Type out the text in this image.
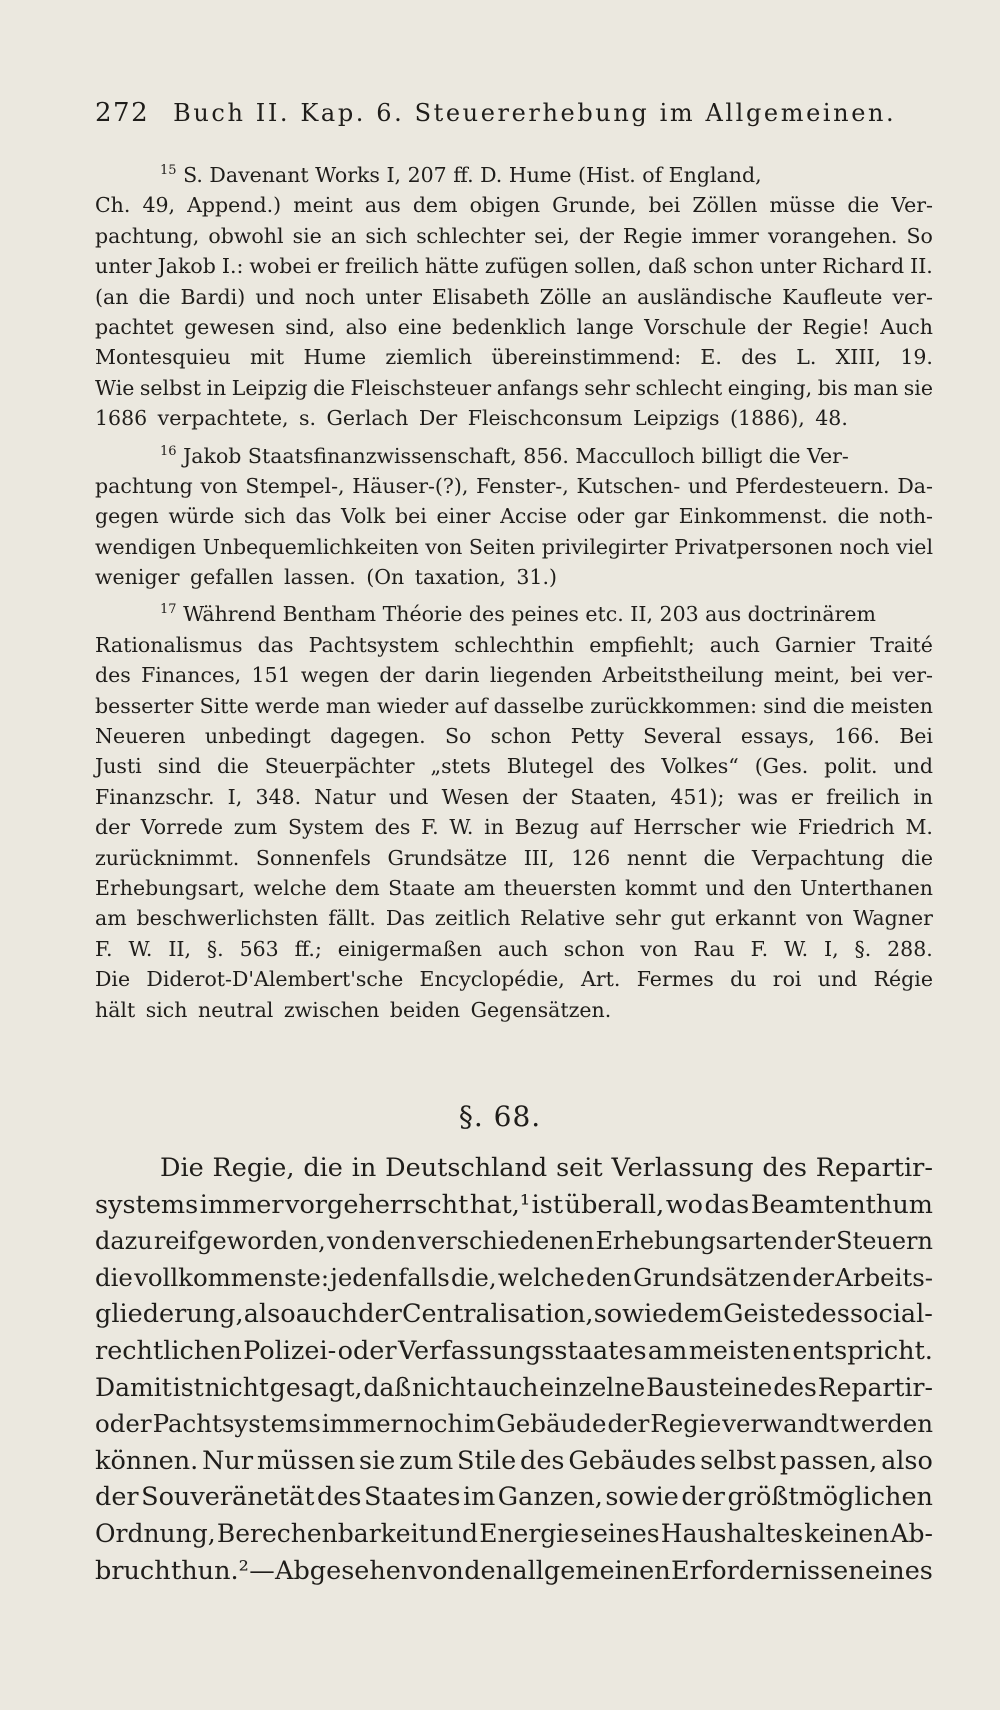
272 Buch II. Kap. 6. Steuererhebung im Allgemeinen.
$^{15}$ S. Davenant Works I, 207 ff. D. Hume (Hist. of England,
Ch. 49, Append.) meint aus dem obigen Grunde, bei Zöllen müsse die Ver-
pachtung, obwohl sie an sich schlechter sei, der Regie immer vorangehen. So
unter Jakob I.: wobei er freilich hätte zufügen sollen, daß schon unter Richard II.
(an die Bardi) und noch unter Elisabeth Zölle an ausländische Kaufleute ver-
pachtet gewesen sind, also eine bedenklich lange Vorschule der Regie! Auch
Montesquieu mit Hume ziemlich übereinstimmend: E. des L. XIII, 19.
Wie selbst in Leipzig die Fleischsteuer anfangs sehr schlecht einging, bis man sie
1686 verpachtete, s. Gerlach Der Fleischconsum Leipzigs (1886), 48.
$^{16}$ Jakob Staatsfinanzwissenschaft, 856. Macculloch billigt die Ver-
pachtung von Stempel-, Häuser-(?), Fenster-, Kutschen- und Pferdesteuern. Da-
gegen würde sich das Volk bei einer Accise oder gar Einkommenst. die noth-
wendigen Unbequemlichkeiten von Seiten privilegirter Privatpersonen noch viel
weniger gefallen lassen. (On taxation, 31.)
$^{17}$ Während Bentham Théorie des peines etc. II, 203 aus doctrinärem
Rationalismus das Pachtsystem schlechthin empfiehlt; auch Garnier Traité
des Finances, 151 wegen der darin liegenden Arbeitstheilung meint, bei ver-
besserter Sitte werde man wieder auf dasselbe zurückkommen: sind die meisten
Neueren unbedingt dagegen. So schon Petty Several essays, 166. Bei
Justi sind die Steuerpächter „stets Blutegel des Volkes“ (Ges. polit. und
Finanzschr. I, 348. Natur und Wesen der Staaten, 451); was er freilich in
der Vorrede zum System des F. W. in Bezug auf Herrscher wie Friedrich M.
zurücknimmt. Sonnenfels Grundsätze III, 126 nennt die Verpachtung die
Erhebungsart, welche dem Staate am theuersten kommt und den Unterthanen
am beschwerlichsten fällt. Das zeitlich Relative sehr gut erkannt von Wagner
F. W. II, §. 563 ff.; einigermaßen auch schon von Rau F. W. I, §. 288.
Die Diderot-D'Alembert'sche Encyclopédie, Art. Fermes du roi und Régie
hält sich neutral zwischen beiden Gegensätzen.
§. 68.
Die Regie, die in Deutschland seit Verlassung des Repartir-
systems immer vorgeherrscht hat,¹ ist überall, wo das Beamtenthum
dazu reif geworden, von den verschiedenen Erhebungsarten der Steuern
die vollkommenste: jedenfalls die, welche den Grundsätzen der Arbeits-
gliederung, also auch der Centralisation, sowie dem Geiste des social-
rechtlichen Polizei- oder Verfassungsstaates am meisten entspricht.
Damit ist nicht gesagt, daß nicht auch einzelne Bausteine des Repartir-
oder Pachtsystems immer noch im Gebäude der Regie verwandt werden
können. Nur müssen sie zum Stile des Gebäudes selbst passen, also
der Souveränetät des Staates im Ganzen, sowie der größtmöglichen
Ordnung, Berechenbarkeit und Energie seines Haushaltes keinen Ab-
bruch thun.² — Abgesehen von den allgemeinen Erfordernissen eines
